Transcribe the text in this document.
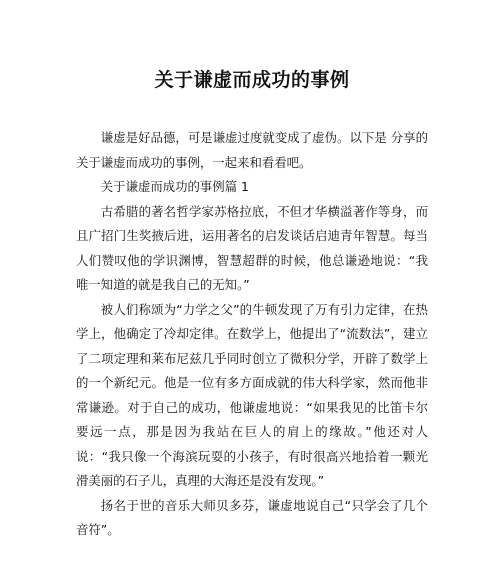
关于谦虚而成功的事例

谦虚是好品德，可是谦虚过度就变成了虚伪。以下是 分享的关于谦虚而成功的事例，一起来和看看吧。

关于谦虚而成功的事例篇 1

古希腊的著名哲学家苏格拉底，不但才华横溢著作等身，而且广招门生奖掖后进，运用著名的启发谈话启迪青年智慧。每当人们赞叹他的学识渊博，智慧超群的时候，他总谦逊地说：“我唯一知道的就是我自己的无知。”

被人们称颂为“力学之父”的牛顿发现了万有引力定律，在热学上，他确定了冷却定律。在数学上，他提出了“流数法”，建立了二项定理和莱布尼兹几乎同时创立了微积分学，开辟了数学上的一个新纪元。他是一位有多方面成就的伟大科学家，然而他非常谦逊。对于自己的成功，他谦虚地说：“如果我见的比笛卡尔要远一点，那是因为我站在巨人的肩上的缘故。”他还对人说：“我只像一个海滨玩耍的小孩子，有时很高兴地拾着一颗光滑美丽的石子儿，真理的大海还是没有发现。”

扬名于世的音乐大师贝多芬，谦虚地说自己“只学会了几个音符”。
